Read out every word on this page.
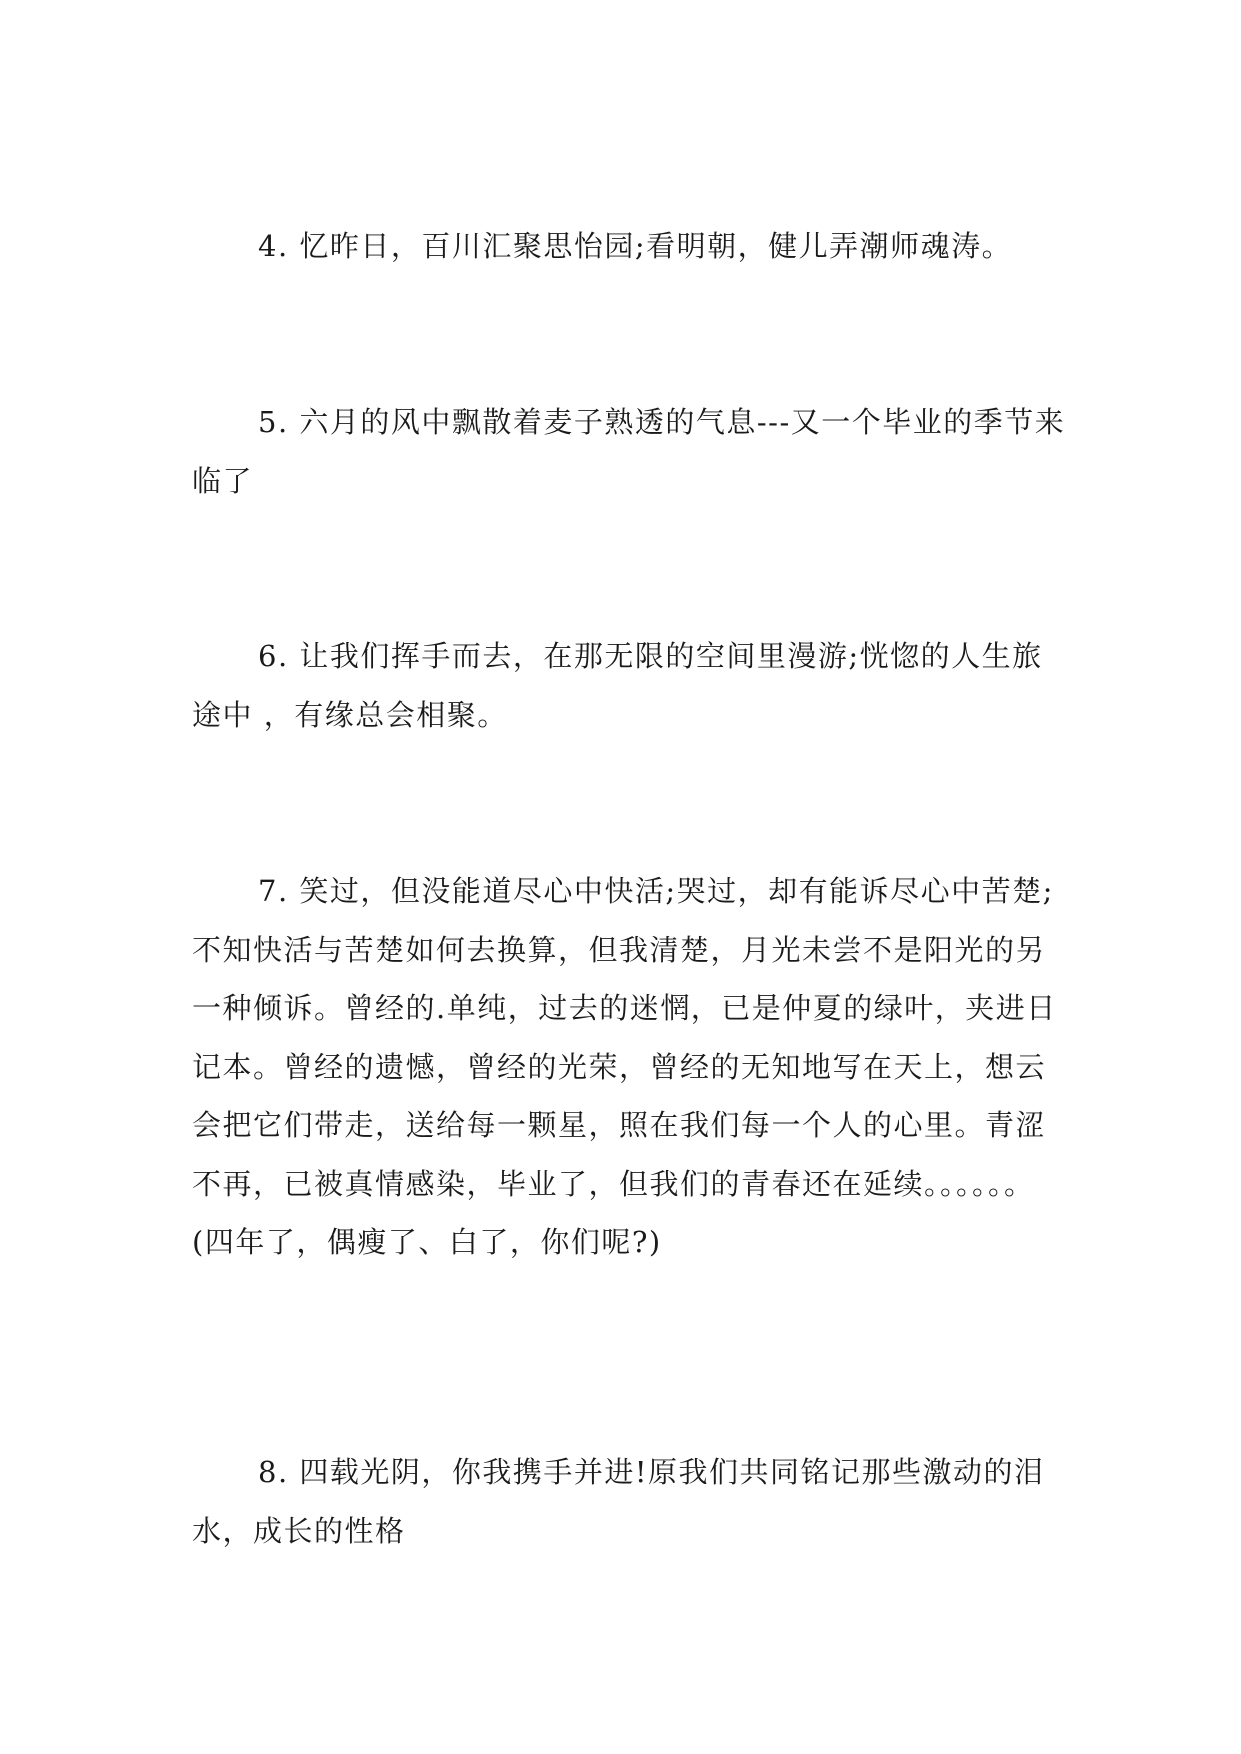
4. 忆昨日，百川汇聚思怡园;看明朝，健儿弄潮师魂涛。

5. 六月的风中飘散着麦子熟透的气息---又一个毕业的季节来临了

6. 让我们挥手而去，在那无限的空间里漫游;恍惚的人生旅途中 ，有缘总会相聚。

7. 笑过，但没能道尽心中快活;哭过，却有能诉尽心中苦楚;不知快活与苦楚如何去换算，但我清楚，月光未尝不是阳光的另一种倾诉。曾经的.单纯，过去的迷惘，已是仲夏的绿叶，夹进日记本。曾经的遗憾，曾经的光荣，曾经的无知地写在天上，想云会把它们带走，送给每一颗星，照在我们每一个人的心里。青涩不再，已被真情感染，毕业了，但我们的青春还在延续。。。。。。(四年了，偶瘦了、白了，你们呢?)

8. 四载光阴，你我携手并进!原我们共同铭记那些激动的泪水，成长的性格
